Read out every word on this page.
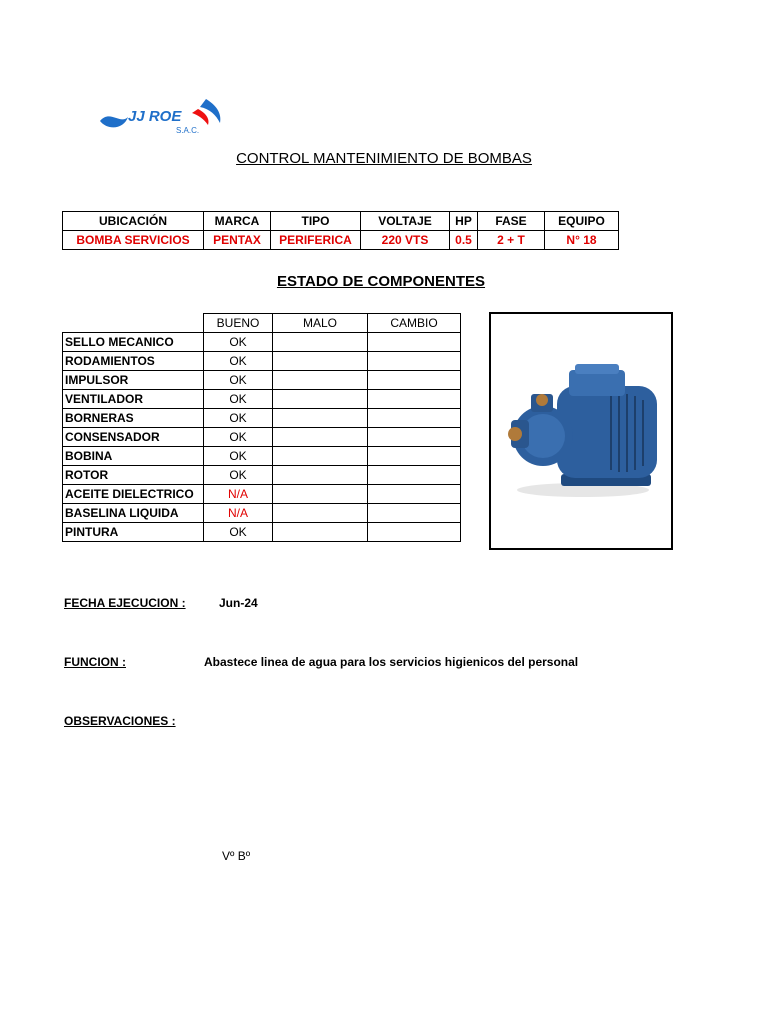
JJ ROE
S.A.C.
CONTROL MANTENIMIENTO DE BOMBAS
UBICACIÓN	MARCA	TIPO	VOLTAJE	HP	FASE	EQUIPO
BOMBA SERVICIOS	PENTAX	PERIFERICA	220 VTS	0.5	2 + T	N° 18
ESTADO DE COMPONENTES
	BUENO	MALO	CAMBIO
SELLO MECANICO	OK		
RODAMIENTOS	OK		
IMPULSOR	OK		
VENTILADOR	OK		
BORNERAS	OK		
CONSENSADOR	OK		
BOBINA	OK		
ROTOR	OK		
ACEITE DIELECTRICO	N/A		
BASELINA LIQUIDA	N/A		
PINTURA	OK		
FECHA EJECUCION :	Jun-24
FUNCION :	Abastece linea de agua para los servicios higienicos del personal
OBSERVACIONES :
Vº Bº
